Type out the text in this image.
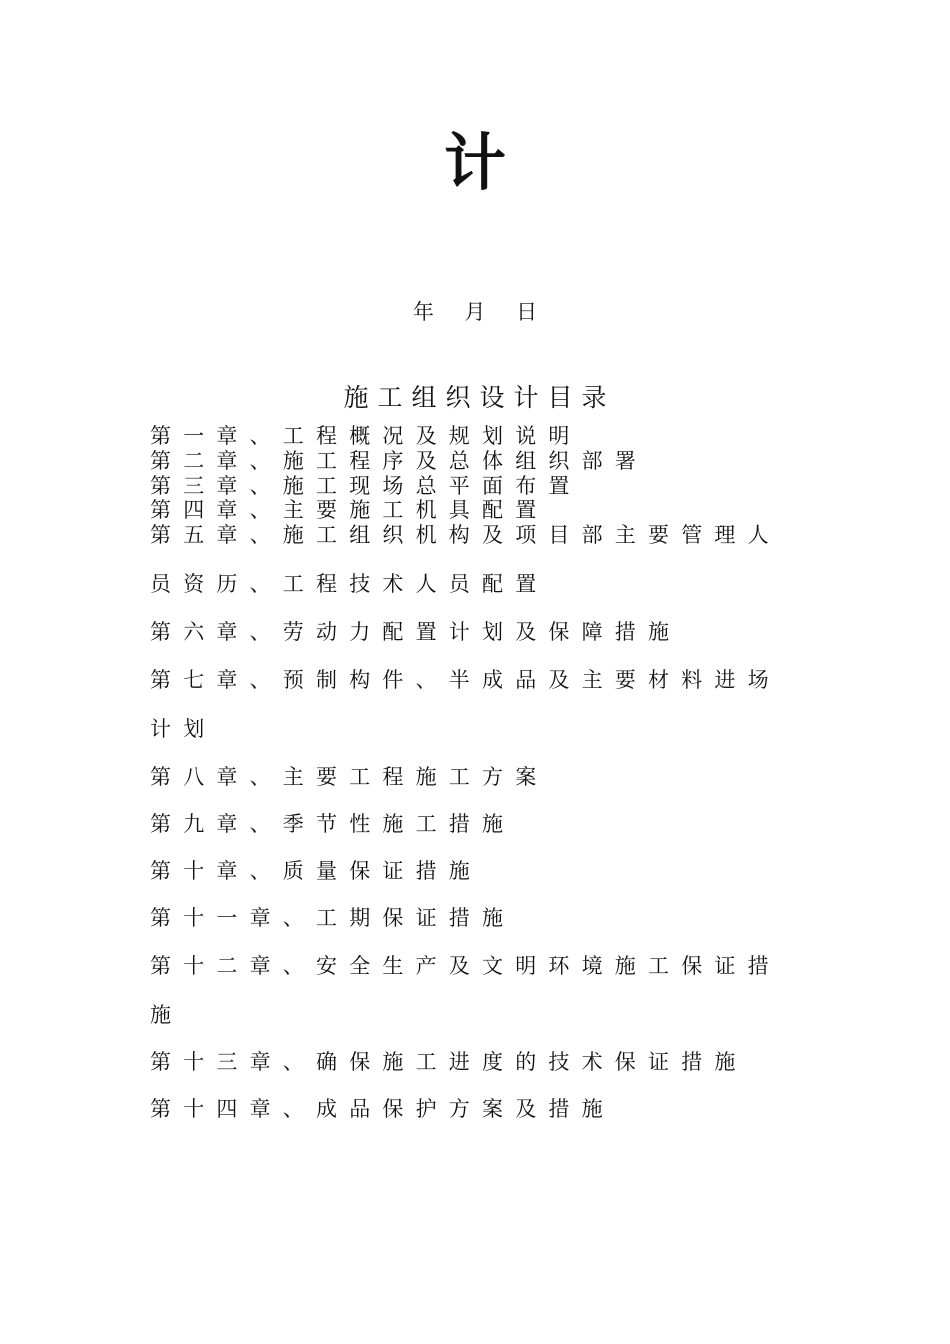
计
年 月 日
施工组织设计目录
第一章、工程概况及规划说明
第二章、施工程序及总体组织部署
第三章、施工现场总平面布置
第四章、主要施工机具配置
第五章、施工组织机构及项目部主要管理人
员资历、工程技术人员配置
第六章、劳动力配置计划及保障措施
第七章、预制构件、半成品及主要材料进场
计划
第八章、主要工程施工方案
第九章、季节性施工措施
第十章、质量保证措施
第十一章、工期保证措施
第十二章、安全生产及文明环境施工保证措
施
第十三章、确保施工进度的技术保证措施
第十四章、成品保护方案及措施
